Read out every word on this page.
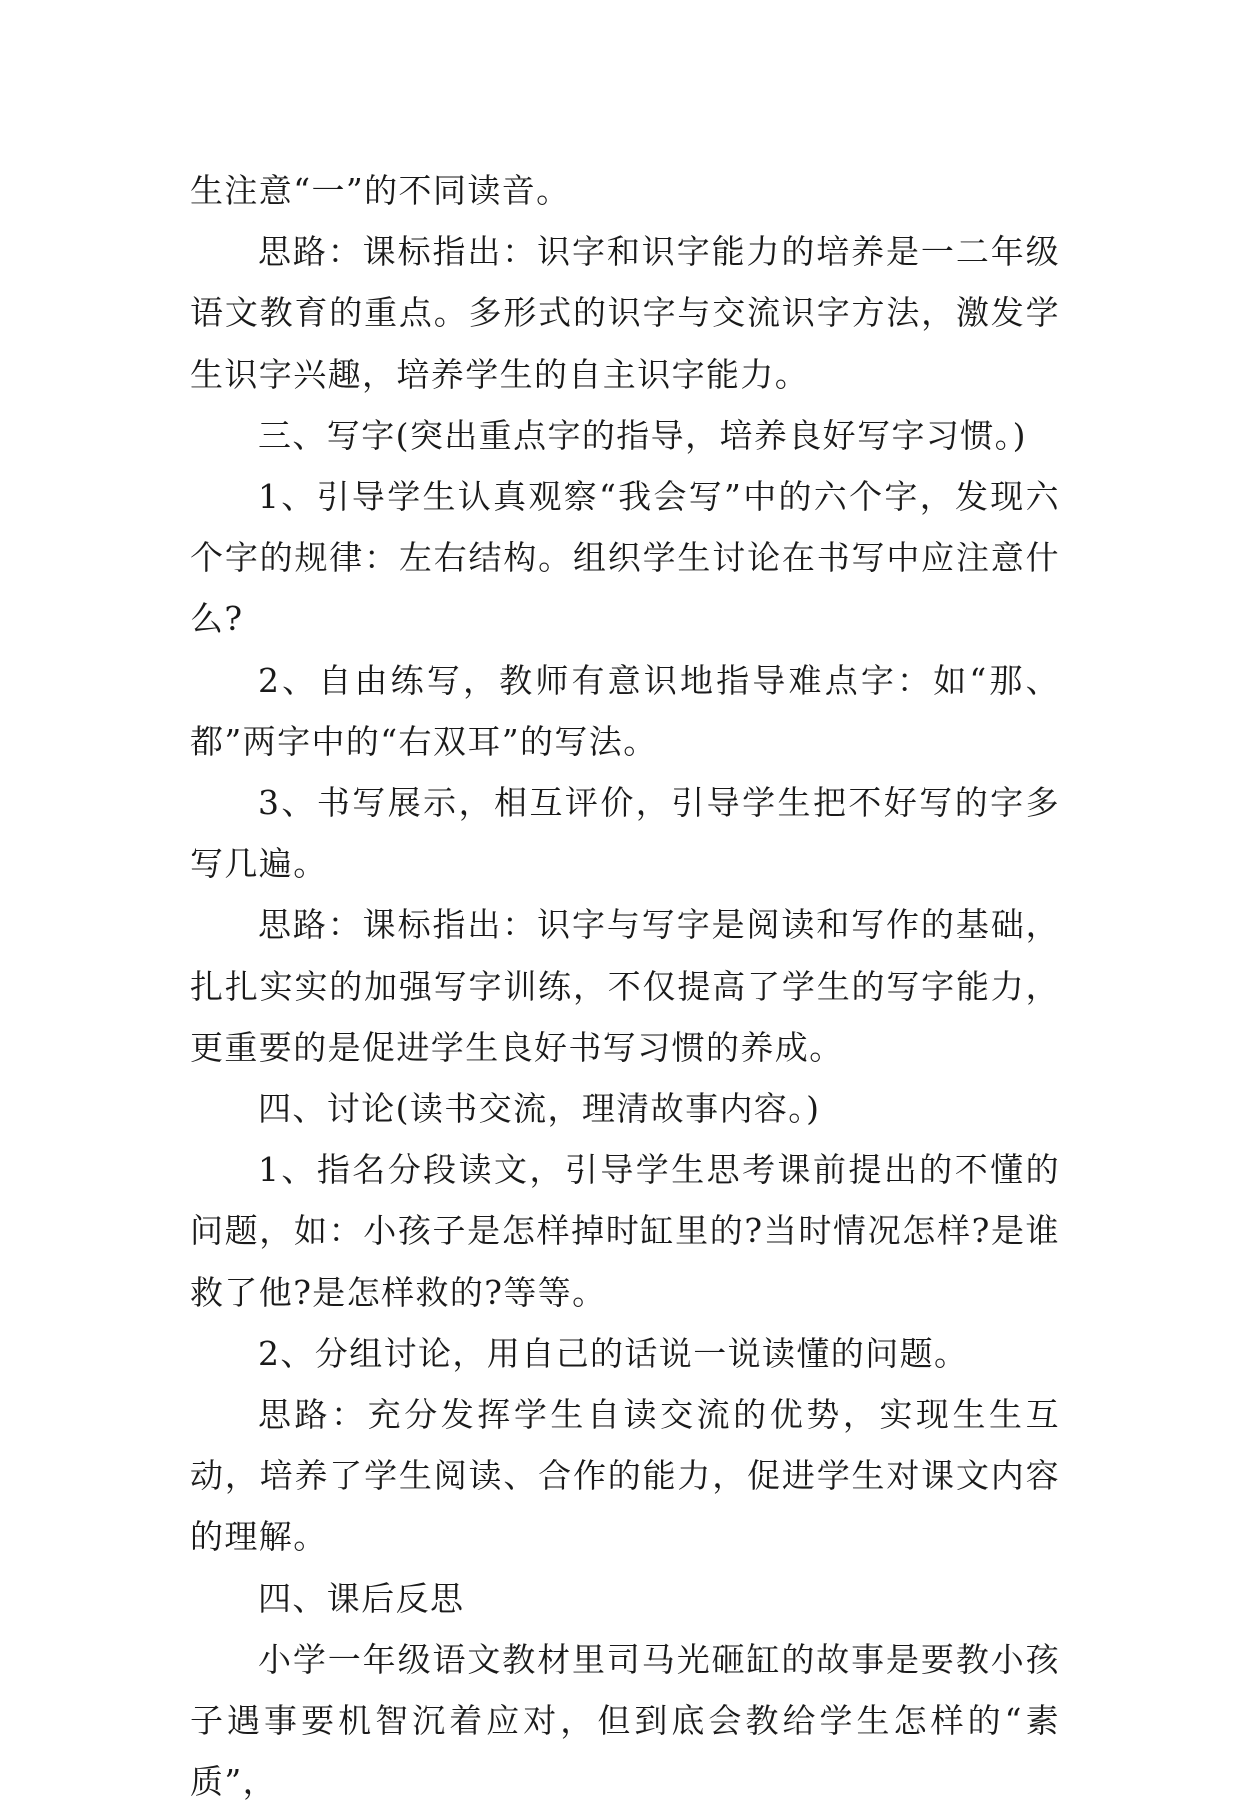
生注意“一”的不同读音。

思路：课标指出：识字和识字能力的培养是一二年级语文教育的重点。多形式的识字与交流识字方法，激发学生识字兴趣，培养学生的自主识字能力。

三、写字(突出重点字的指导，培养良好写字习惯。)

1、引导学生认真观察“我会写”中的六个字，发现六个字的规律：左右结构。组织学生讨论在书写中应注意什么?

2、自由练写，教师有意识地指导难点字：如“那、都”两字中的“右双耳”的写法。

3、书写展示，相互评价，引导学生把不好写的字多写几遍。

思路：课标指出：识字与写字是阅读和写作的基础，扎扎实实的加强写字训练，不仅提高了学生的写字能力，更重要的是促进学生良好书写习惯的养成。

四、讨论(读书交流，理清故事内容。)

1、指名分段读文，引导学生思考课前提出的不懂的问题，如：小孩子是怎样掉时缸里的?当时情况怎样?是谁救了他?是怎样救的?等等。

2、分组讨论，用自己的话说一说读懂的问题。

思路：充分发挥学生自读交流的优势，实现生生互动，培养了学生阅读、合作的能力，促进学生对课文内容的理解。

四、课后反思

小学一年级语文教材里司马光砸缸的故事是要教小孩子遇事要机智沉着应对，但到底会教给学生怎样的“素质”，
